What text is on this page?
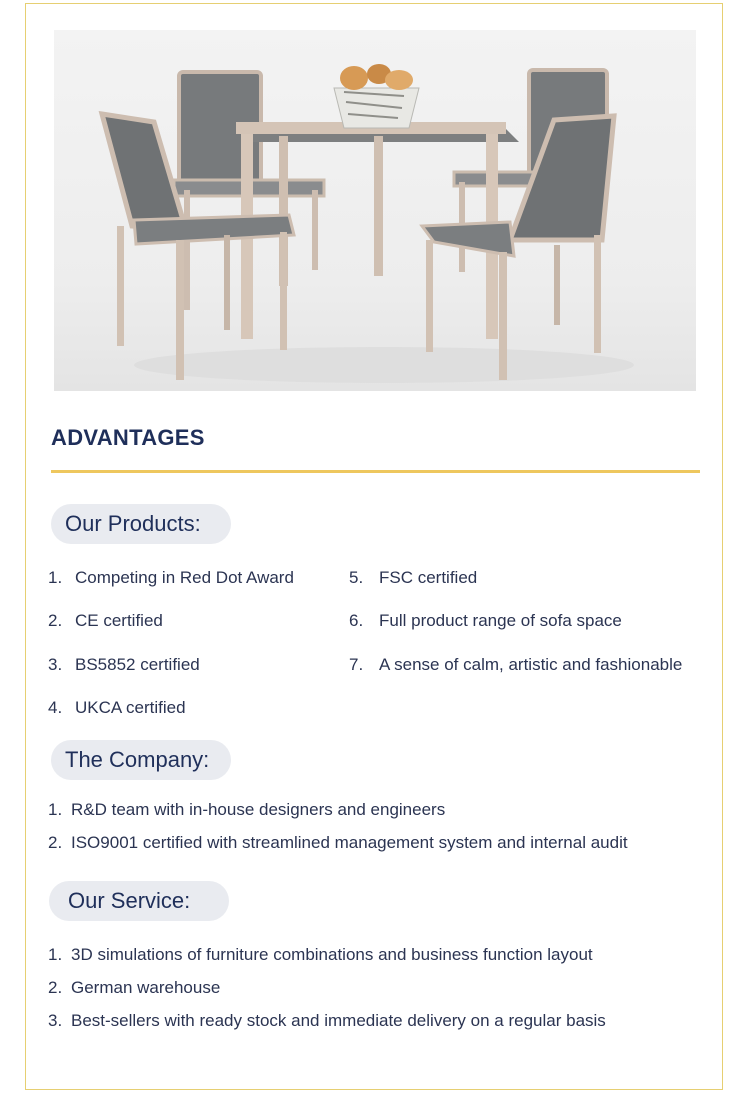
ADVANTAGES
Our Products:
1. Competing in Red Dot Award
2. CE certified
3. BS5852 certified
4. UKCA certified
5. FSC certified
6. Full product range of sofa space
7. A sense of calm, artistic and fashionable
The Company:
1. R&D team with in-house designers and engineers
2. ISO9001 certified with streamlined management system and internal audit
Our Service:
1. 3D simulations of furniture combinations and business function layout
2. German warehouse
3. Best-sellers with ready stock and immediate delivery on a regular basis
